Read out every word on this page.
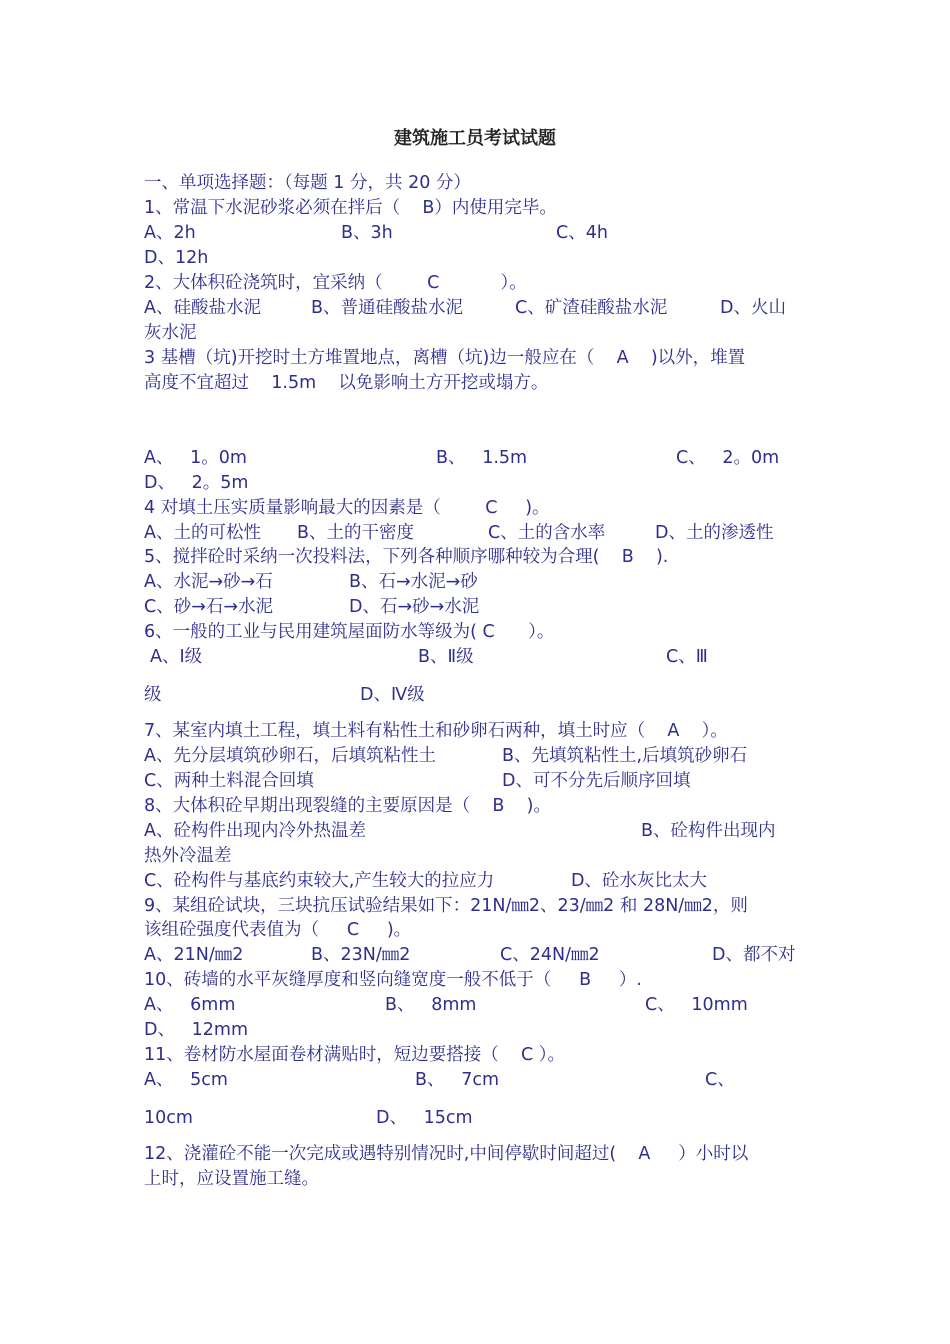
建筑施工员考试试题
一、单项选择题：（每题 1 分，共 20 分）
1、常温下水泥砂浆必须在拌后（    B）内使用完毕。
A、2h	B、3h	C、4h
D、12h
2、大体积砼浇筑时，宜采纳（        C           ）。
A、硅酸盐水泥	B、普通硅酸盐水泥	C、矿渣硅酸盐水泥	D、火山
灰水泥
3 基槽（坑)开挖时土方堆置地点，离槽（坑)边一般应在（    A    )以外，堆置
高度不宜超过    1.5m    以免影响土方开挖或塌方。
A、   1。0m	B、   1.5m	C、   2。0m
D、   2。5m
4 对填土压实质量影响最大的因素是（        C     )。
A、土的可松性 B、土的干密度	C、土的含水率	D、土的渗透性
5、搅拌砼时采纳一次投料法，下列各种顺序哪种较为合理(    B    ).
A、水泥→砂→石	B、石→水泥→砂
C、砂→石→水泥	D、石→砂→水泥
6、一般的工业与民用建筑屋面防水等级为( C      ）。
A、Ⅰ级	B、Ⅱ级	C、Ⅲ
级	D、Ⅳ级
7、某室内填土工程，填土料有粘性土和砂卵石两种，填土时应（    A    ）。
A、先分层填筑砂卵石，后填筑粘性土	B、先填筑粘性土,后填筑砂卵石
C、两种土料混合回填	D、可不分先后顺序回填
8、大体积砼早期出现裂缝的主要原因是（    B    )。
A、砼构件出现内冷外热温差	B、砼构件出现内
热外冷温差
C、砼构件与基底约束较大,产生较大的拉应力	D、砼水灰比太大
9、某组砼试块，三块抗压试验结果如下：21N/㎜2、23/㎜2 和 28N/㎜2，则
该组砼强度代表值为（     C     )。
A、21N/㎜2	B、23N/㎜2	C、24N/㎜2	D、都不对
10、砖墙的水平灰缝厚度和竖向缝宽度一般不低于（     B     ）.
A、   6mm	B、   8mm	C、   10mm
D、   12mm
11、卷材防水屋面卷材满贴时，短边要搭接（    C ）。
A、   5cm	B、   7cm	C、
10cm	D、   15cm
12、浇灌砼不能一次完成或遇特别情况时,中间停歇时间超过(    A     ）小时以
上时，应设置施工缝。
